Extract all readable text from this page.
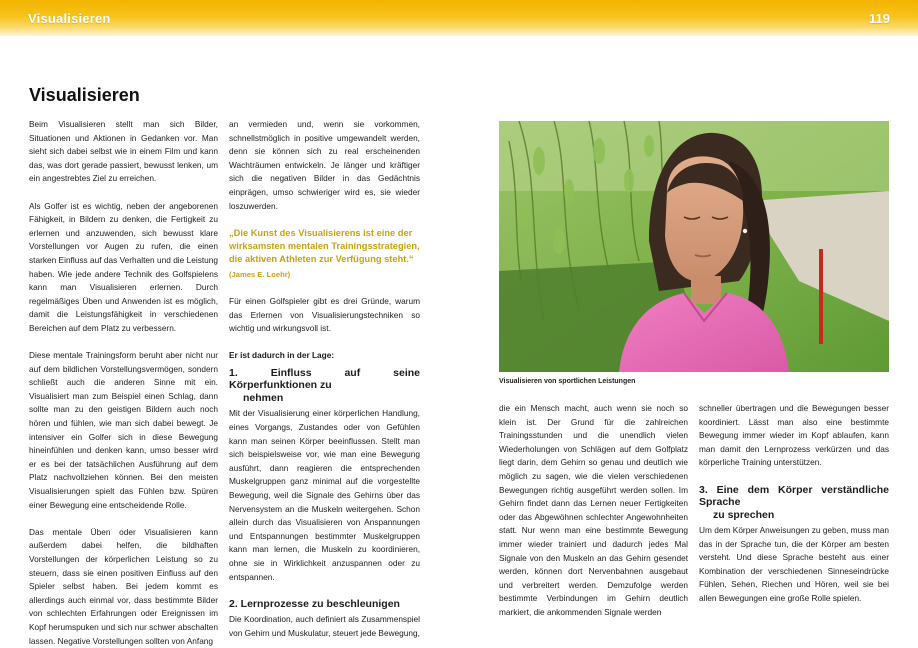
Visualisieren	119
Visualisieren

Beim Visualisieren stellt man sich Bilder, Situationen und Aktionen in Gedanken vor. Man sieht sich dabei selbst wie in einem Film und kann das, was dort gerade passiert, bewusst lenken, um ein angestrebtes Ziel zu erreichen.

Als Golfer ist es wichtig, neben der angeborenen Fähigkeit, in Bildern zu denken, die Fertigkeit zu erlernen und anzuwenden, sich bewusst klare Vorstellungen vor Augen zu rufen, die einen starken Einfluss auf das Verhalten und die Leistung haben. Wie jede andere Technik des Golfspielens kann man Visualisieren erlernen. Durch regelmäßiges Üben und Anwenden ist es möglich, damit die Leistungsfähigkeit in verschiedenen Bereichen auf dem Platz zu verbessern.

Diese mentale Trainingsform beruht aber nicht nur auf dem bildlichen Vorstellungsvermögen, sondern schließt auch die anderen Sinne mit ein. Visualisiert man zum Beispiel einen Schlag, dann sollte man zu den geistigen Bildern auch noch hören und fühlen, wie man sich dabei bewegt. Je intensiver ein Golfer sich in diese Bewegung hineinfühlen und denken kann, umso besser wird er es bei der tatsächlichen Ausführung auf dem Platz nachvollziehen können. Bei den meisten Visualisierungen spielt das Fühlen bzw. Spüren einer Bewegung eine entscheidende Rolle.

Das mentale Üben oder Visualisieren kann außerdem dabei helfen, die bildhaften Vorstellungen der körperlichen Leistung so zu steuern, dass sie einen positiven Einfluss auf den Spieler selbst haben. Bei jedem kommt es allerdings auch einmal vor, dass bestimmte Bilder von schlechten Erfahrungen oder Ereignissen im Kopf herumspuken und sich nur schwer abschalten lassen. Negative Vorstellungen sollten von Anfang

an vermieden und, wenn sie vorkommen, schnellstmöglich in positive umgewandelt werden, denn sie können sich zu real erscheinenden Wachträumen entwickeln. Je länger und kräftiger sich die negativen Bilder in das Gedächtnis einprägen, umso schwieriger wird es, sie wieder loszuwerden.

„Die Kunst des Visualisierens ist eine der wirksamsten mentalen Trainingsstrategien, die aktiven Athleten zur Verfügung steht.“
(James E. Loehr)

Für einen Golfspieler gibt es drei Gründe, warum das Erlernen von Visualisierungstechniken so wichtig und wirkungsvoll ist.

Er ist dadurch in der Lage:

1. Einfluss auf seine Körperfunktionen zu
nehmen

Mit der Visualisierung einer körperlichen Handlung, eines Vorgangs, Zustandes oder von Gefühlen kann man seinen Körper beeinflussen. Stellt man sich beispielsweise vor, wie man eine Bewegung ausführt, dann reagieren die entsprechenden Muskelgruppen ganz minimal auf die vorgestellte Bewegung, weil die Signale des Gehirns über das Nervensystem an die Muskeln weitergehen. Schon allein durch das Visualisieren von Anspannungen und Entspannungen bestimmter Muskelgruppen kann man lernen, die Muskeln zu koordinieren, ohne sie in Wirklichkeit anzuspannen oder zu entspannen.

2. Lernprozesse zu beschleunigen

Die Koordination, auch definiert als Zusammenspiel von Gehirn und Muskulatur, steuert jede Bewegung,

Visualisieren von sportlichen Leistungen

die ein Mensch macht, auch wenn sie noch so klein ist. Der Grund für die zahlreichen Trainingsstunden und die unendlich vielen Wiederholungen von Schlägen auf dem Golfplatz liegt darin, dem Gehirn so genau und deutlich wie möglich zu sagen, wie die vielen verschiedenen Bewegungen richtig ausgeführt werden sollen. Im Gehirn findet dann das Lernen neuer Fertigkeiten oder das Abgewöhnen schlechter Angewohnheiten statt. Nur wenn man eine bestimmte Bewegung immer wieder trainiert und dadurch jedes Mal Signale von den Muskeln an das Gehirn gesendet werden, können dort Nervenbahnen ausgebaut und verbreitert werden. Demzufolge werden bestimmte Verbindungen im Gehirn deutlich markiert, die ankommenden Signale werden

schneller übertragen und die Bewegungen besser koordiniert. Lässt man also eine bestimmte Bewegung immer wieder im Kopf ablaufen, kann man damit den Lernprozess verkürzen und das körperliche Training unterstützen.

3. Eine dem Körper verständliche Sprache
zu sprechen

Um dem Körper Anweisungen zu geben, muss man das in der Sprache tun, die der Körper am besten versteht. Und diese Sprache besteht aus einer Kombination der verschiedenen Sinneseindrücke Fühlen, Sehen, Riechen und Hören, weil sie bei allen Bewegungen eine große Rolle spielen.
